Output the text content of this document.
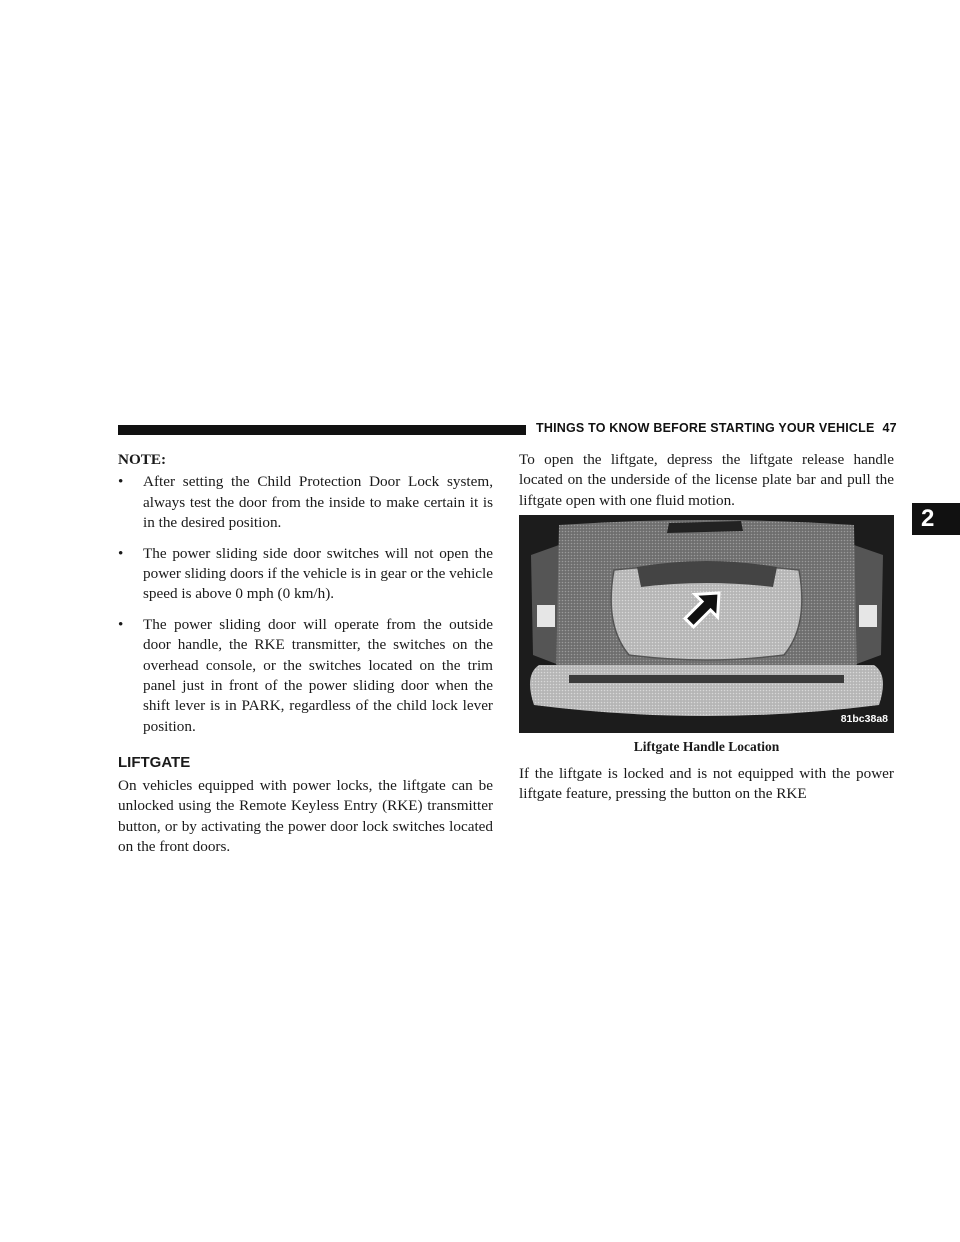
THINGS TO KNOW BEFORE STARTING YOUR VEHICLE 47
2
NOTE:
• After setting the Child Protection Door Lock system, always test the door from the inside to make certain it is in the desired position.
• The power sliding side door switches will not open the power sliding doors if the vehicle is in gear or the vehicle speed is above 0 mph (0 km/h).
• The power sliding door will operate from the outside door handle, the RKE transmitter, the switches on the overhead console, or the switches located on the trim panel just in front of the power sliding door when the shift lever is in PARK, regardless of the child lock lever position.
LIFTGATE

On vehicles equipped with power locks, the liftgate can be unlocked using the Remote Keyless Entry (RKE) transmitter button, or by activating the power door lock switches located on the front doors.

To open the liftgate, depress the liftgate release handle located on the underside of the license plate bar and pull the liftgate open with one fluid motion.

81bc38a8
Liftgate Handle Location

If the liftgate is locked and is not equipped with the power liftgate feature, pressing the button on the RKE
